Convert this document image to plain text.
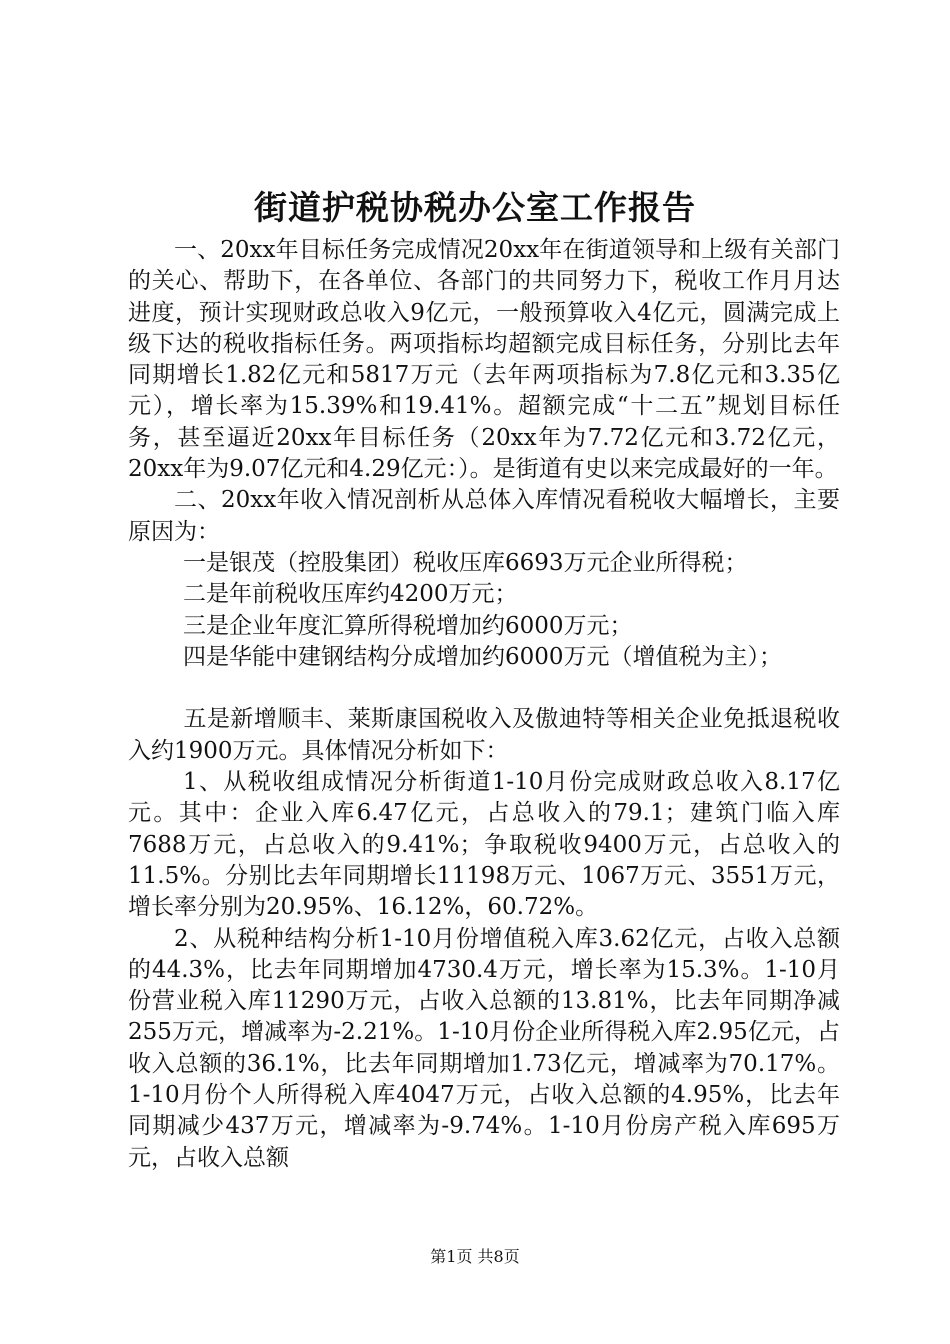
街道护税协税办公室工作报告

一、20xx年目标任务完成情况20xx年在街道领导和上级有关部门的关心、帮助下，在各单位、各部门的共同努力下，税收工作月月达进度，预计实现财政总收入9亿元，一般预算收入4亿元，圆满完成上级下达的税收指标任务。两项指标均超额完成目标任务，分别比去年同期增长1.82亿元和5817万元（去年两项指标为7.8亿元和3.35亿元），增长率为15.39%和19.41%。超额完成“十二五”规划目标任务，甚至逼近20xx年目标任务（20xx年为7.72亿元和3.72亿元，20xx年为9.07亿元和4.29亿元：）。是街道有史以来完成最好的一年。

二、20xx年收入情况剖析从总体入库情况看税收大幅增长，主要原因为：

一是银茂（控股集团）税收压库6693万元企业所得税；

二是年前税收压库约4200万元；

三是企业年度汇算所得税增加约6000万元；

四是华能中建钢结构分成增加约6000万元（增值税为主）；

五是新增顺丰、莱斯康国税收入及傲迪特等相关企业免抵退税收入约1900万元。具体情况分析如下：

1、从税收组成情况分析街道1-10月份完成财政总收入8.17亿元。其中：企业入库6.47亿元，占总收入的79.1；建筑门临入库7688万元，占总收入的9.41%；争取税收9400万元，占总收入的11.5%。分别比去年同期增长11198万元、1067万元、3551万元，增长率分别为20.95%、16.12%，60.72%。

2、从税种结构分析1-10月份增值税入库3.62亿元，占收入总额的44.3%，比去年同期增加4730.4万元，增长率为15.3%。1-10月份营业税入库11290万元，占收入总额的13.81%，比去年同期净减255万元，增减率为-2.21%。1-10月份企业所得税入库2.95亿元，占收入总额的36.1%，比去年同期增加1.73亿元，增减率为70.17%。1-10月份个人所得税入库4047万元，占收入总额的4.95%，比去年同期减少437万元，增减率为-9.74%。1-10月份房产税入库695万元，占收入总额

第1页 共8页
